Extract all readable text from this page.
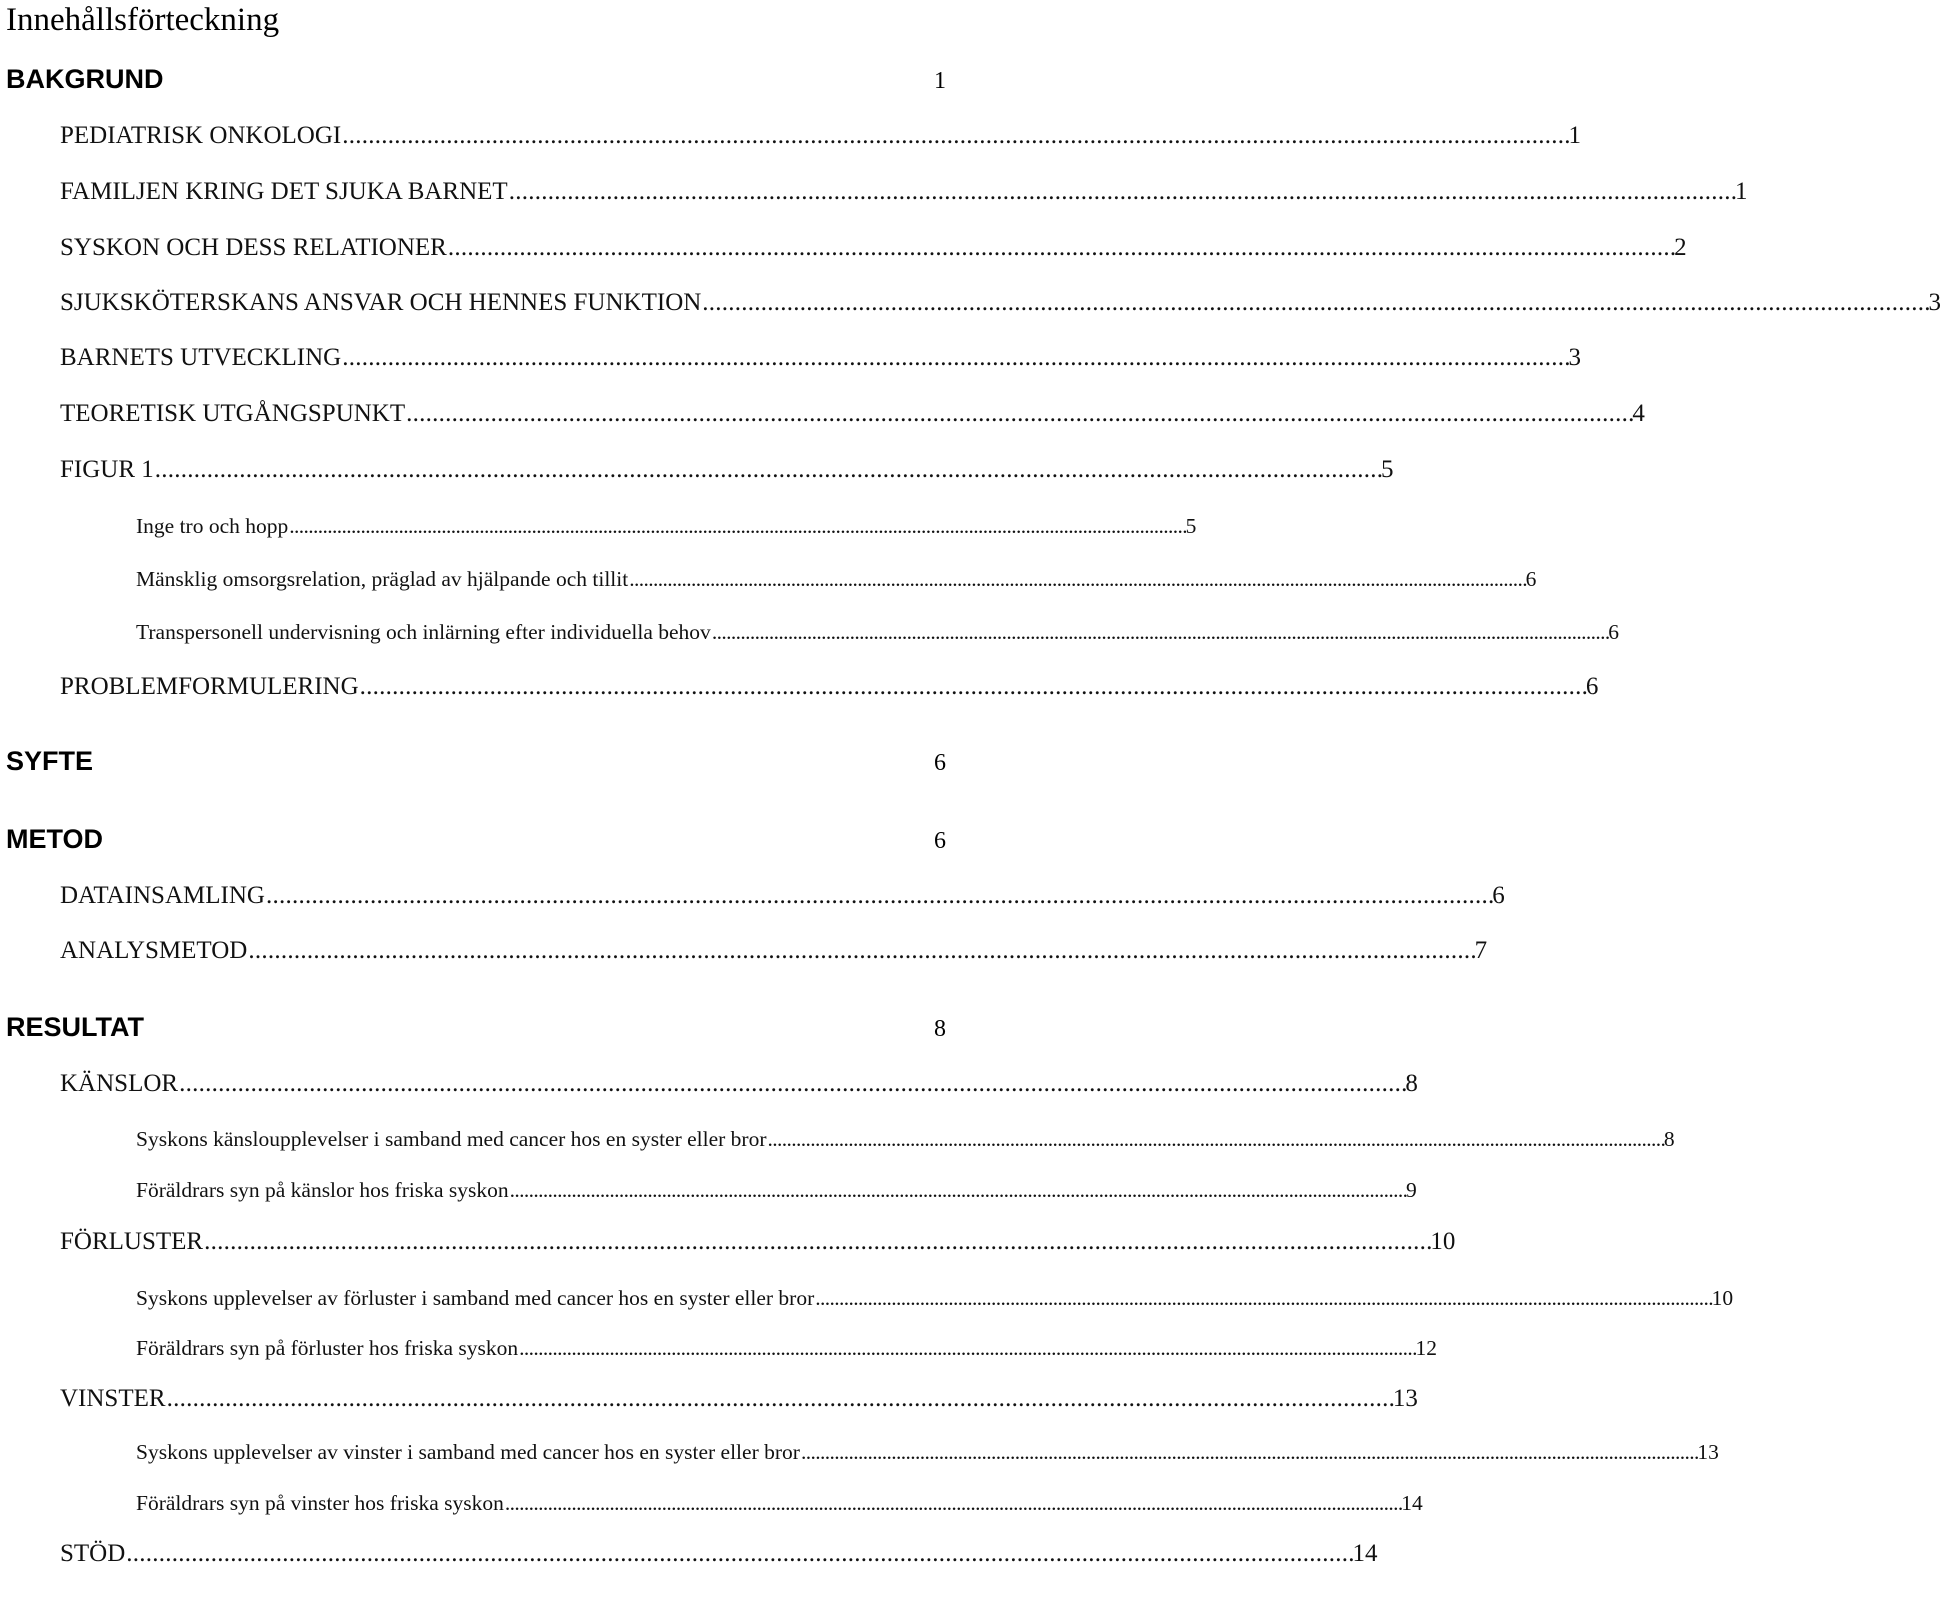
Innehållsförteckning
BAKGRUND	1
PEDIATRISK ONKOLOGI . . .	1
FAMILJEN KRING DET SJUKA BARNET . . .	1
SYSKON OCH DESS RELATIONER . . .	2
SJUKSKÖTERSKANS ANSVAR OCH HENNES FUNKTION . . .	3
BARNETS UTVECKLING . . .	3
TEORETISK UTGÅNGSPUNKT . . .	4
FIGUR 1 . . .	5
Inge tro och hopp . . .	5
Mänsklig omsorgsrelation, präglad av hjälpande och tillit . . .	6
Transpersonell undervisning och inlärning efter individuella behov . . .	6
PROBLEMFORMULERING . . .	6
SYFTE	6
METOD	6
DATAINSAMLING . . .	6
ANALYSMETOD . . .	7
RESULTAT	8
KÄNSLOR . . .	8
Syskons känsloupplevelser i samband med cancer hos en syster eller bror . . .	8
Föräldrars syn på känslor hos friska syskon . . .	9
FÖRLUSTER . . .	10
Syskons upplevelser av förluster i samband med cancer hos en syster eller bror . . .	10
Föräldrars syn på förluster hos friska syskon . . .	12
VINSTER . . .	13
Syskons upplevelser av vinster i samband med cancer hos en syster eller bror . . .	13
Föräldrars syn på vinster hos friska syskon . . .	14
STÖD . . .	14
